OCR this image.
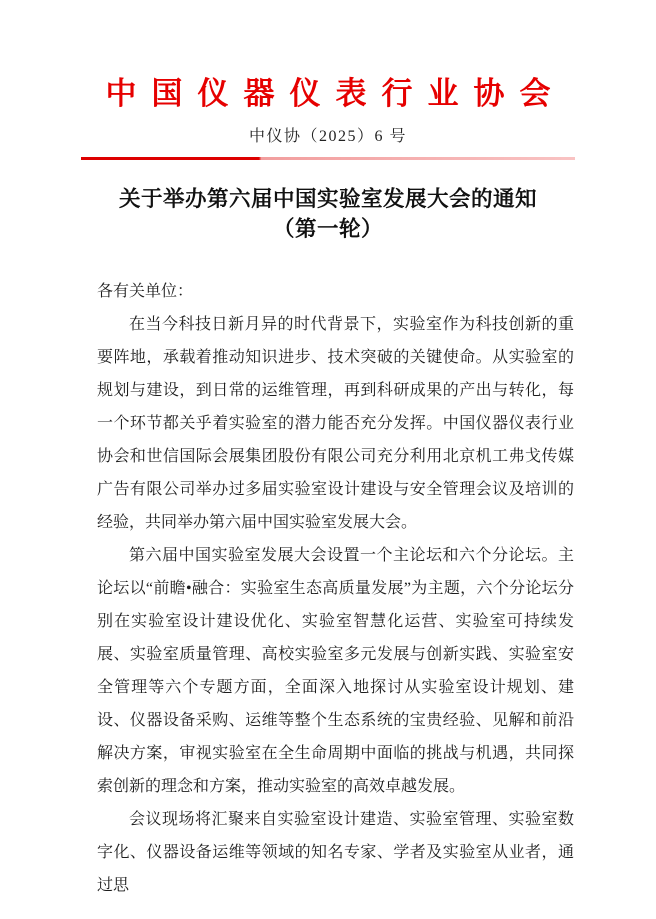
中国仪器仪表行业协会
中仪协（2025）6 号
关于举办第六届中国实验室发展大会的通知
（第一轮）

各有关单位：

在当今科技日新月异的时代背景下，实验室作为科技创新的重要阵地，承载着推动知识进步、技术突破的关键使命。从实验室的规划与建设，到日常的运维管理，再到科研成果的产出与转化，每一个环节都关乎着实验室的潜力能否充分发挥。中国仪器仪表行业协会和世信国际会展集团股份有限公司充分利用北京机工弗戈传媒广告有限公司举办过多届实验室设计建设与安全管理会议及培训的经验，共同举办第六届中国实验室发展大会。

第六届中国实验室发展大会设置一个主论坛和六个分论坛。主论坛以“前瞻•融合：实验室生态高质量发展”为主题，六个分论坛分别在实验室设计建设优化、实验室智慧化运营、实验室可持续发展、实验室质量管理、高校实验室多元发展与创新实践、实验室安全管理等六个专题方面，全面深入地探讨从实验室设计规划、建设、仪器设备采购、运维等整个生态系统的宝贵经验、见解和前沿解决方案，审视实验室在全生命周期中面临的挑战与机遇，共同探索创新的理念和方案，推动实验室的高效卓越发展。

会议现场将汇聚来自实验室设计建造、实验室管理、实验室数字化、仪器设备运维等领域的知名专家、学者及实验室从业者，通过思
